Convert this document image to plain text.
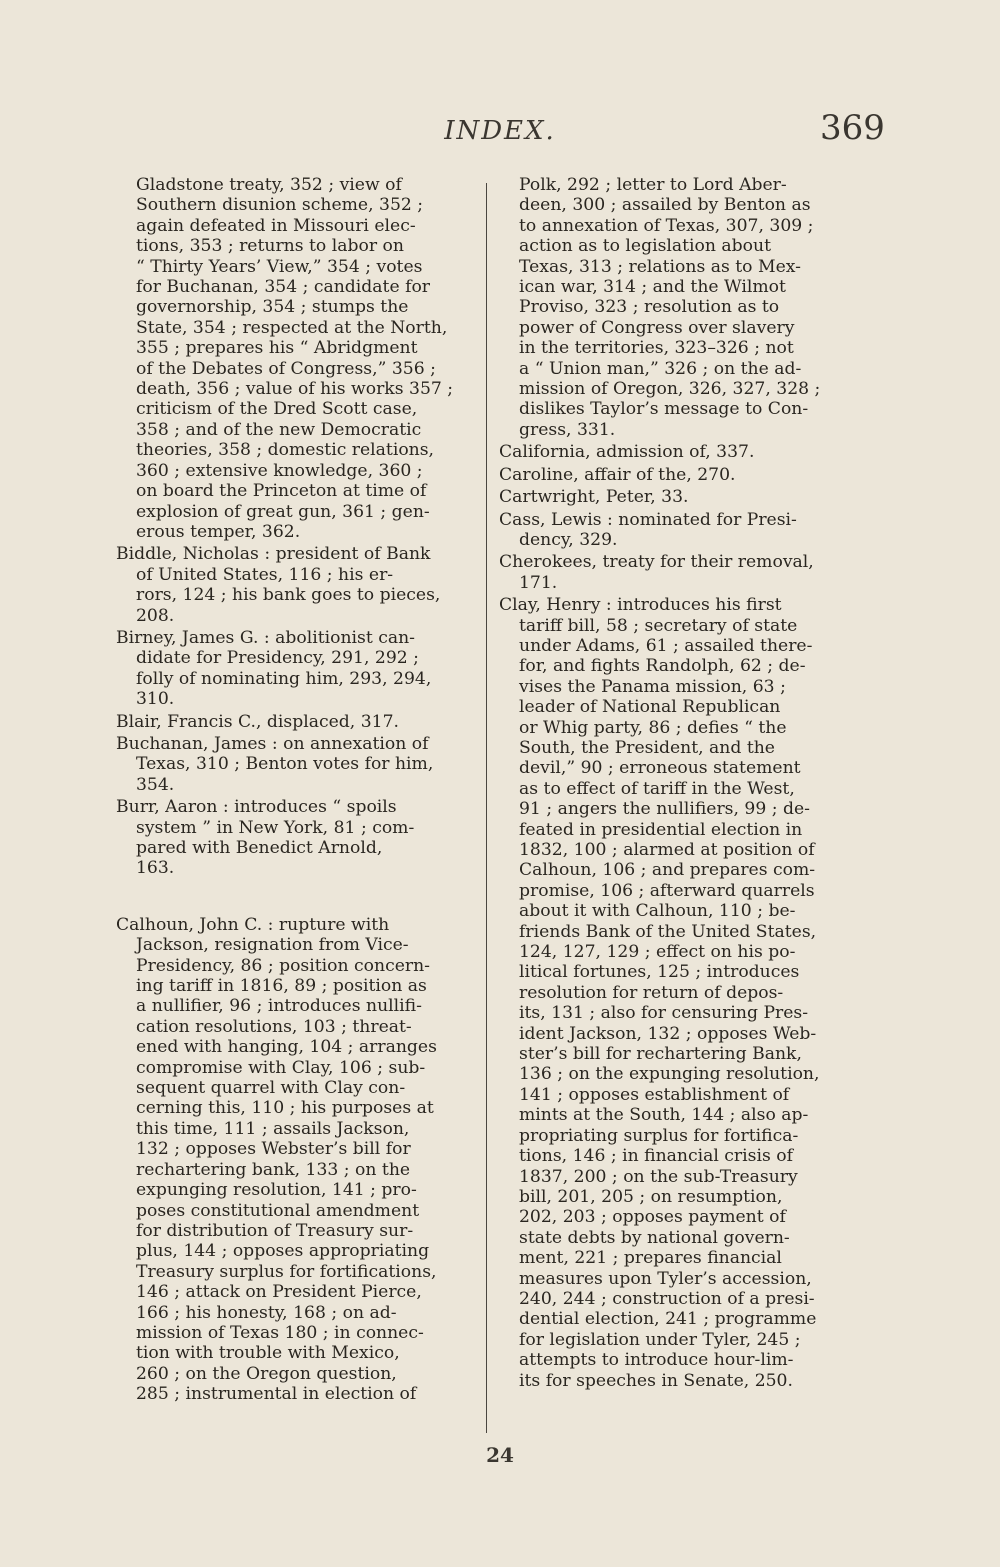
INDEX.	369
Gladstone treaty, 352 ; view of
Southern disunion scheme, 352 ;
again defeated in Missouri elec-
tions, 353 ; returns to labor on
“ Thirty Years’ View,” 354 ; votes
for Buchanan, 354 ; candidate for
governorship, 354 ; stumps the
State, 354 ; respected at the North,
355 ; prepares his “ Abridgment
of the Debates of Congress,” 356 ;
death, 356 ; value of his works 357 ;
criticism of the Dred Scott case,
358 ; and of the new Democratic
theories, 358 ; domestic relations,
360 ; extensive knowledge, 360 ;
on board the Princeton at time of
explosion of great gun, 361 ; gen-
erous temper, 362.
Biddle, Nicholas : president of Bank
of United States, 116 ; his er-
rors, 124 ; his bank goes to pieces,
208.
Birney, James G. : abolitionist can-
didate for Presidency, 291, 292 ;
folly of nominating him, 293, 294,
310.
Blair, Francis C., displaced, 317.
Buchanan, James : on annexation of
Texas, 310 ; Benton votes for him,
354.
Burr, Aaron : introduces “ spoils
system ” in New York, 81 ; com-
pared with Benedict Arnold,
163.
Calhoun, John C. : rupture with
Jackson, resignation from Vice-
Presidency, 86 ; position concern-
ing tariff in 1816, 89 ; position as
a nullifier, 96 ; introduces nullifi-
cation resolutions, 103 ; threat-
ened with hanging, 104 ; arranges
compromise with Clay, 106 ; sub-
sequent quarrel with Clay con-
cerning this, 110 ; his purposes at
this time, 111 ; assails Jackson,
132 ; opposes Webster’s bill for
rechartering bank, 133 ; on the
expunging resolution, 141 ; pro-
poses constitutional amendment
for distribution of Treasury sur-
plus, 144 ; opposes appropriating
Treasury surplus for fortifications,
146 ; attack on President Pierce,
166 ; his honesty, 168 ; on ad-
mission of Texas 180 ; in connec-
tion with trouble with Mexico,
260 ; on the Oregon question,
285 ; instrumental in election of
Polk, 292 ; letter to Lord Aber-
deen, 300 ; assailed by Benton as
to annexation of Texas, 307, 309 ;
action as to legislation about
Texas, 313 ; relations as to Mex-
ican war, 314 ; and the Wilmot
Proviso, 323 ; resolution as to
power of Congress over slavery
in the territories, 323–326 ; not
a “ Union man,” 326 ; on the ad-
mission of Oregon, 326, 327, 328 ;
dislikes Taylor’s message to Con-
gress, 331.
California, admission of, 337.
Caroline, affair of the, 270.
Cartwright, Peter, 33.
Cass, Lewis : nominated for Presi-
dency, 329.
Cherokees, treaty for their removal,
171.
Clay, Henry : introduces his first
tariff bill, 58 ; secretary of state
under Adams, 61 ; assailed there-
for, and fights Randolph, 62 ; de-
vises the Panama mission, 63 ;
leader of National Republican
or Whig party, 86 ; defies “ the
South, the President, and the
devil,” 90 ; erroneous statement
as to effect of tariff in the West,
91 ; angers the nullifiers, 99 ; de-
feated in presidential election in
1832, 100 ; alarmed at position of
Calhoun, 106 ; and prepares com-
promise, 106 ; afterward quarrels
about it with Calhoun, 110 ; be-
friends Bank of the United States,
124, 127, 129 ; effect on his po-
litical fortunes, 125 ; introduces
resolution for return of depos-
its, 131 ; also for censuring Pres-
ident Jackson, 132 ; opposes Web-
ster’s bill for rechartering Bank,
136 ; on the expunging resolution,
141 ; opposes establishment of
mints at the South, 144 ; also ap-
propriating surplus for fortifica-
tions, 146 ; in financial crisis of
1837, 200 ; on the sub-Treasury
bill, 201, 205 ; on resumption,
202, 203 ; opposes payment of
state debts by national govern-
ment, 221 ; prepares financial
measures upon Tyler’s accession,
240, 244 ; construction of a presi-
dential election, 241 ; programme
for legislation under Tyler, 245 ;
attempts to introduce hour-lim-
its for speeches in Senate, 250.
24
